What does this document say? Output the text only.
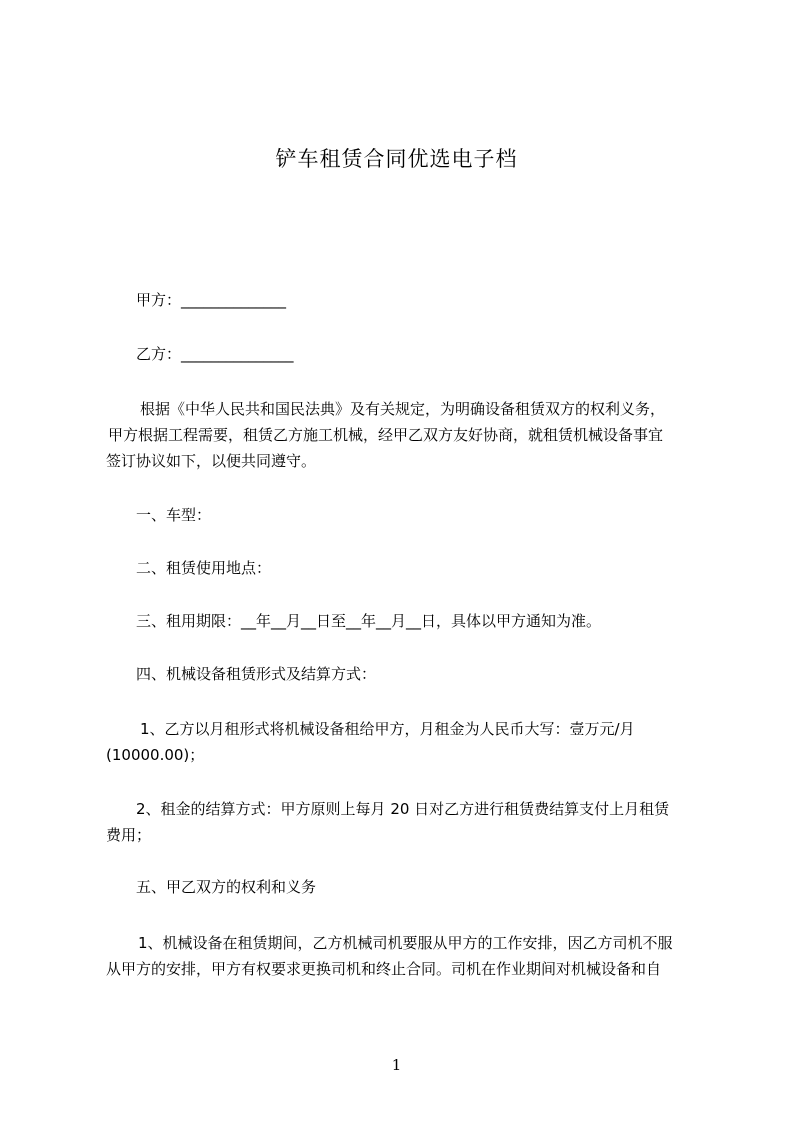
铲车租赁合同优选电子档
甲方：______________
乙方：_______________
根据《中华人民共和国民法典》及有关规定，为明确设备租赁双方的权利义务，
甲方根据工程需要，租赁乙方施工机械，经甲乙双方友好协商，就租赁机械设备事宜
签订协议如下，以便共同遵守。
一、车型：
二、租赁使用地点：
三、租用期限：__年__月__日至__年__月__日，具体以甲方通知为准。
四、机械设备租赁形式及结算方式：
1、乙方以月租形式将机械设备租给甲方，月租金为人民币大写：壹万元/月
(10000.00)；
2、租金的结算方式：甲方原则上每月 20 日对乙方进行租赁费结算支付上月租赁
费用；
五、甲乙双方的权利和义务
1、机械设备在租赁期间，乙方机械司机要服从甲方的工作安排，因乙方司机不服
从甲方的安排，甲方有权要求更换司机和终止合同。司机在作业期间对机械设备和自
1
